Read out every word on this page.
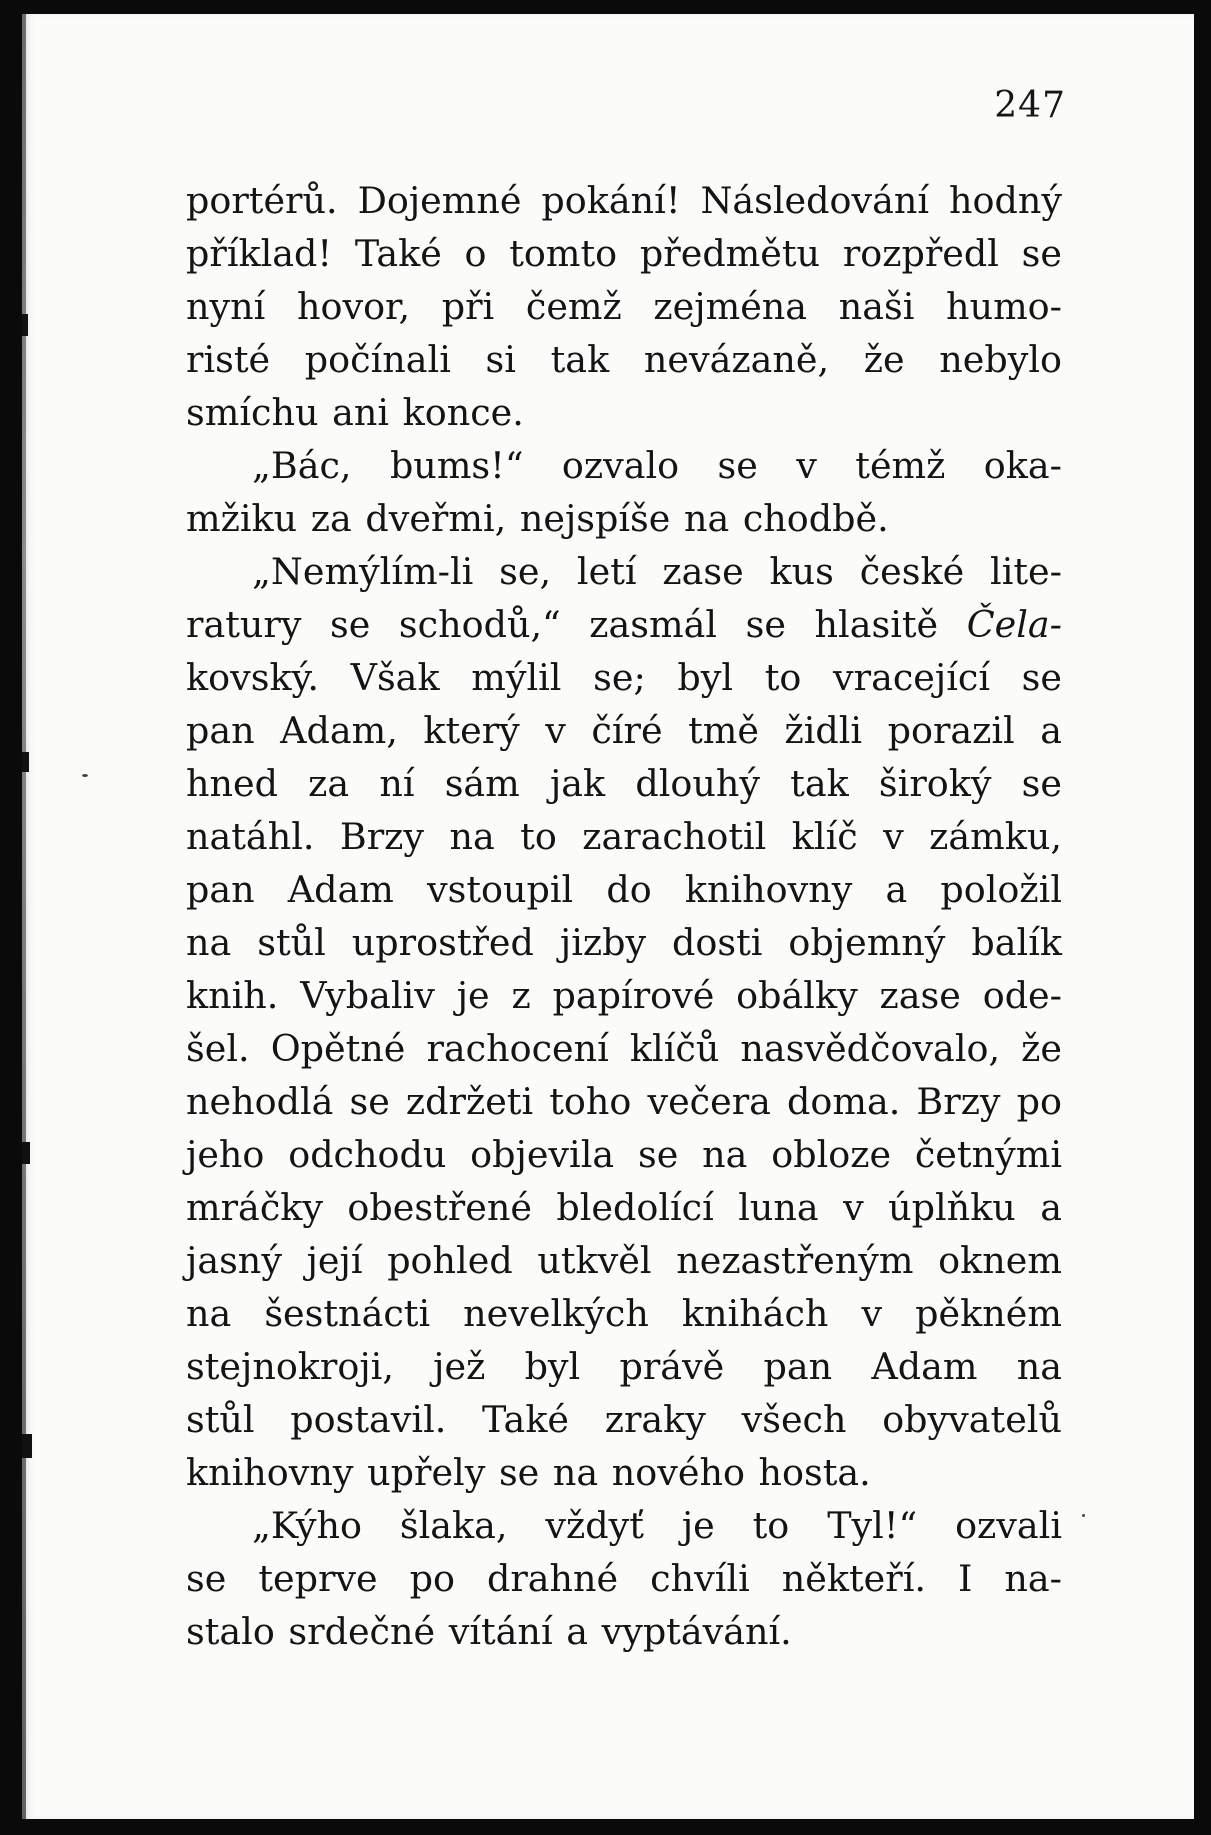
247
portérů. Dojemné pokání! Následování hodný
příklad! Také o tomto předmětu rozpředl se
nyní hovor, při čemž zejména naši humo-
risté počínali si tak nevázaně, že nebylo
smíchu ani konce.
„Bác, bums!“ ozvalo se v témž oka-
mžiku za dveřmi, nejspíše na chodbě.
„Nemýlím-li se, letí zase kus české lite-
ratury se schodů,“ zasmál se hlasitě Čela-
kovský. Však mýlil se; byl to vracející se
pan Adam, který v číré tmě židli porazil a
hned za ní sám jak dlouhý tak široký se
natáhl. Brzy na to zarachotil klíč v zámku,
pan Adam vstoupil do knihovny a položil
na stůl uprostřed jizby dosti objemný balík
knih. Vybaliv je z papírové obálky zase ode-
šel. Opětné rachocení klíčů nasvědčovalo, že
nehodlá se zdržeti toho večera doma. Brzy po
jeho odchodu objevila se na obloze četnými
mráčky obestřené bledolící luna v úplňku a
jasný její pohled utkvěl nezastřeným oknem
na šestnácti nevelkých knihách v pěkném
stejnokroji, jež byl právě pan Adam na
stůl postavil. Také zraky všech obyvatelů
knihovny upřely se na nového hosta.
„Kýho šlaka, vždyť je to Tyl!“ ozvali
se teprve po drahné chvíli někteří. I na-
stalo srdečné vítání a vyptávání.
